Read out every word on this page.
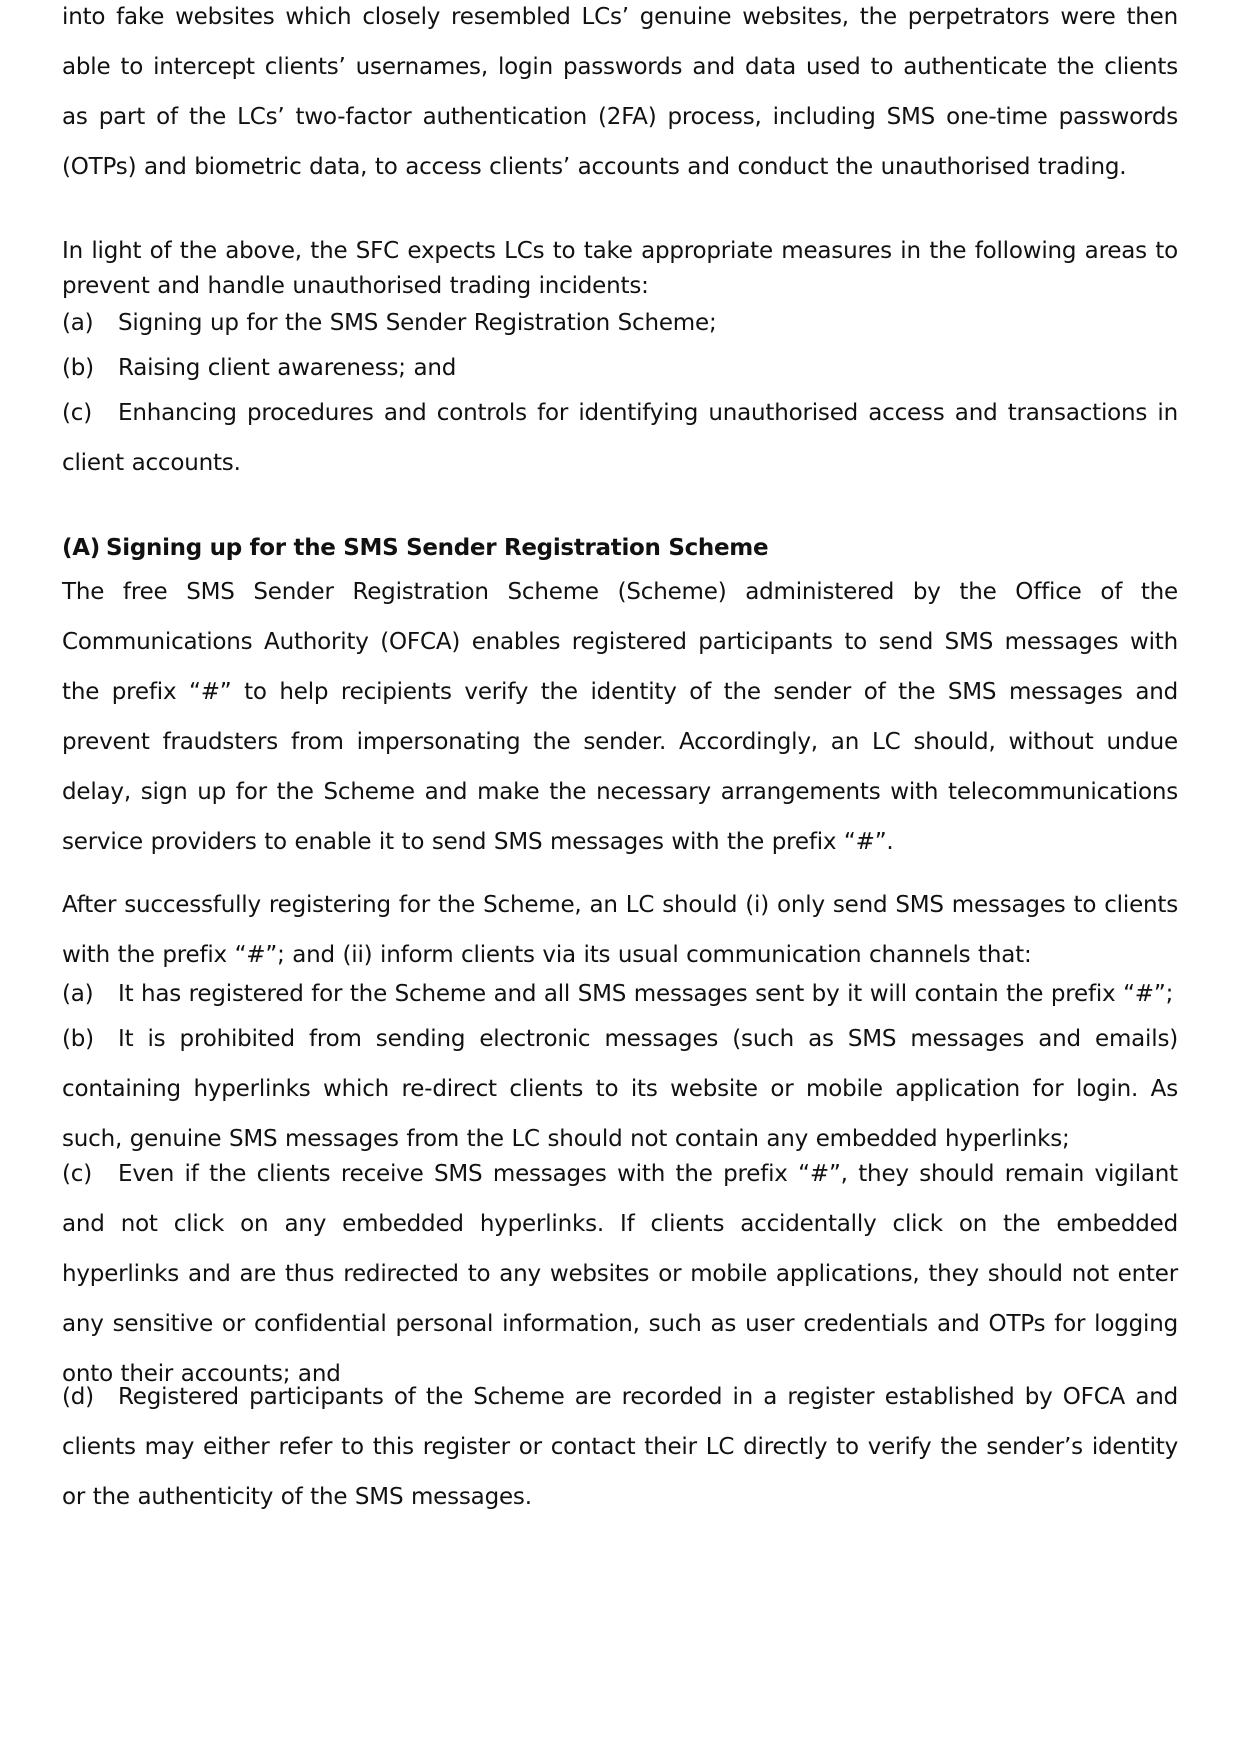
into fake websites which closely resembled LCs’ genuine websites, the perpetrators were then able to intercept clients’ usernames, login passwords and data used to authenticate the clients as part of the LCs’ two-factor authentication (2FA) process, including SMS one-time passwords (OTPs) and biometric data, to access clients’ accounts and conduct the unauthorised trading.

In light of the above, the SFC expects LCs to take appropriate measures in the following areas to prevent and handle unauthorised trading incidents:

(a) Signing up for the SMS Sender Registration Scheme;

(b) Raising client awareness; and

(c) Enhancing procedures and controls for identifying unauthorised access and transactions in client accounts.

(A) Signing up for the SMS Sender Registration Scheme

The free SMS Sender Registration Scheme (Scheme) administered by the Office of the Communications Authority (OFCA) enables registered participants to send SMS messages with the prefix “#” to help recipients verify the identity of the sender of the SMS messages and prevent fraudsters from impersonating the sender. Accordingly, an LC should, without undue delay, sign up for the Scheme and make the necessary arrangements with telecommunications service providers to enable it to send SMS messages with the prefix “#”.

After successfully registering for the Scheme, an LC should (i) only send SMS messages to clients with the prefix “#”; and (ii) inform clients via its usual communication channels that:

(a) It has registered for the Scheme and all SMS messages sent by it will contain the prefix “#”;

(b) It is prohibited from sending electronic messages (such as SMS messages and emails) containing hyperlinks which re-direct clients to its website or mobile application for login. As such, genuine SMS messages from the LC should not contain any embedded hyperlinks;

(c) Even if the clients receive SMS messages with the prefix “#”, they should remain vigilant and not click on any embedded hyperlinks. If clients accidentally click on the embedded hyperlinks and are thus redirected to any websites or mobile applications, they should not enter any sensitive or confidential personal information, such as user credentials and OTPs for logging onto their accounts; and

(d) Registered participants of the Scheme are recorded in a register established by OFCA and clients may either refer to this register or contact their LC directly to verify the sender’s identity or the authenticity of the SMS messages.
